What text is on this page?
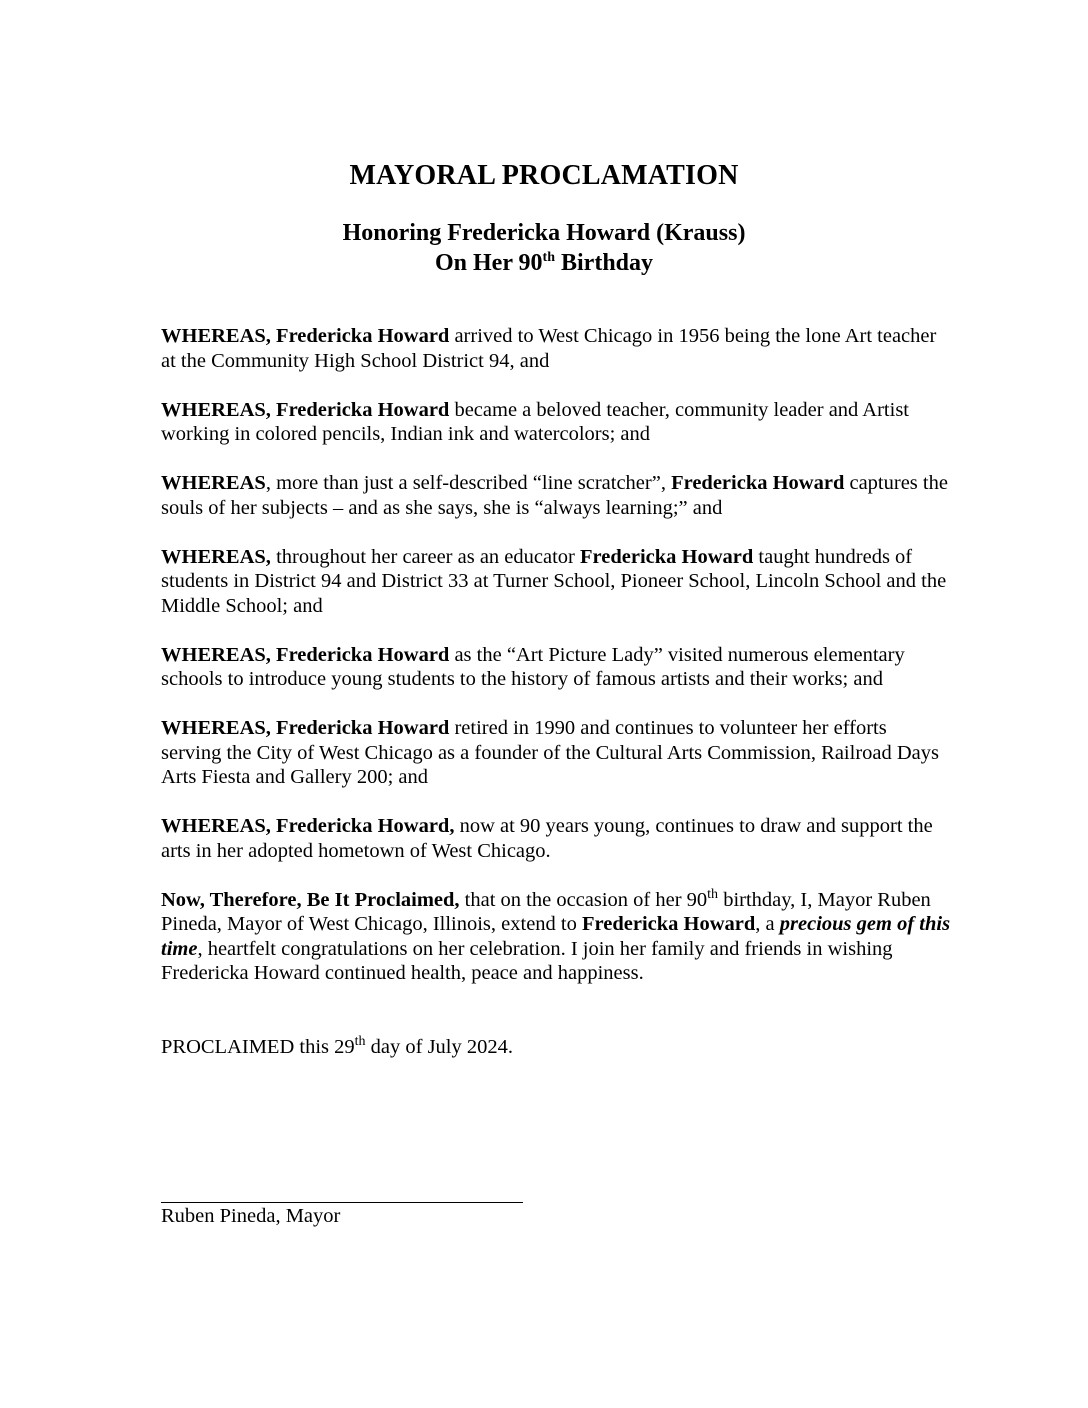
MAYORAL PROCLAMATION
Honoring Fredericka Howard (Krauss)
On Her 90th Birthday

WHEREAS, Fredericka Howard arrived to West Chicago in 1956 being the lone Art teacher at the Community High School District 94, and

WHEREAS, Fredericka Howard became a beloved teacher, community leader and Artist working in colored pencils, Indian ink and watercolors; and

WHEREAS, more than just a self-described “line scratcher”, Fredericka Howard captures the souls of her subjects – and as she says, she is “always learning;” and

WHEREAS, throughout her career as an educator Fredericka Howard taught hundreds of students in District 94 and District 33 at Turner School, Pioneer School, Lincoln School and the Middle School; and

WHEREAS, Fredericka Howard as the “Art Picture Lady” visited numerous elementary schools to introduce young students to the history of famous artists and their works; and

WHEREAS, Fredericka Howard retired in 1990 and continues to volunteer her efforts serving the City of West Chicago as a founder of the Cultural Arts Commission, Railroad Days Arts Fiesta and Gallery 200; and

WHEREAS, Fredericka Howard, now at 90 years young, continues to draw and support the arts in her adopted hometown of West Chicago.

Now, Therefore, Be It Proclaimed, that on the occasion of her 90th birthday, I, Mayor Ruben Pineda, Mayor of West Chicago, Illinois, extend to Fredericka Howard, a precious gem of this time, heartfelt congratulations on her celebration. I join her family and friends in wishing Fredericka Howard continued health, peace and happiness.

PROCLAIMED this 29th day of July 2024.

Ruben Pineda, Mayor
